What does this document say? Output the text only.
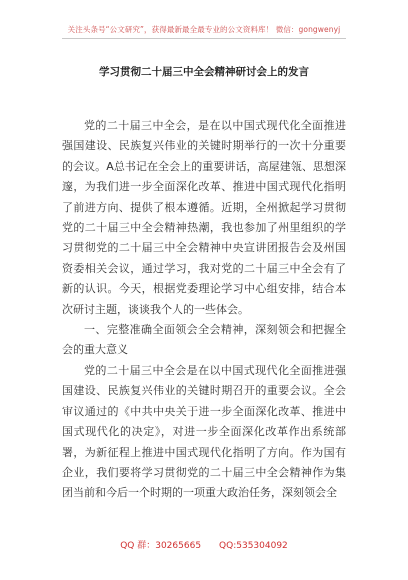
关注头条号“公文研究”，获得最新最全最专业的公文资料库！ 微信：gongwenyj
学习贯彻二十届三中全会精神研讨会上的发言

党的二十届三中全会，是在以中国式现代化全面推进强国建设、民族复兴伟业的关键时期举行的一次十分重要的会议。A总书记在全会上的重要讲话，高屋建瓴、思想深邃，为我们进一步全面深化改革、推进中国式现代化指明了前进方向、提供了根本遵循。近期，全州掀起学习贯彻党的二十届三中全会精神热潮，我也参加了州里组织的学习贯彻党的二十届三中全会精神中央宣讲团报告会及州国资委相关会议，通过学习，我对党的二十届三中全会有了新的认识。今天，根据党委理论学习中心组安排，结合本次研讨主题，谈谈我个人的一些体会。

一、完整准确全面领会全会精神，深刻领会和把握全会的重大意义

党的二十届三中全会是在以中国式现代化全面推进强国建设、民族复兴伟业的关键时期召开的重要会议。全会审议通过的《中共中央关于进一步全面深化改革、推进中国式现代化的决定》，对进一步全面深化改革作出系统部署，为新征程上推进中国式现代化指明了方向。作为国有企业，我们要将学习贯彻党的二十届三中全会精神作为集团当前和今后一个时期的一项重大政治任务，深刻领会全

QQ 群：30265665 QQ:535304092
